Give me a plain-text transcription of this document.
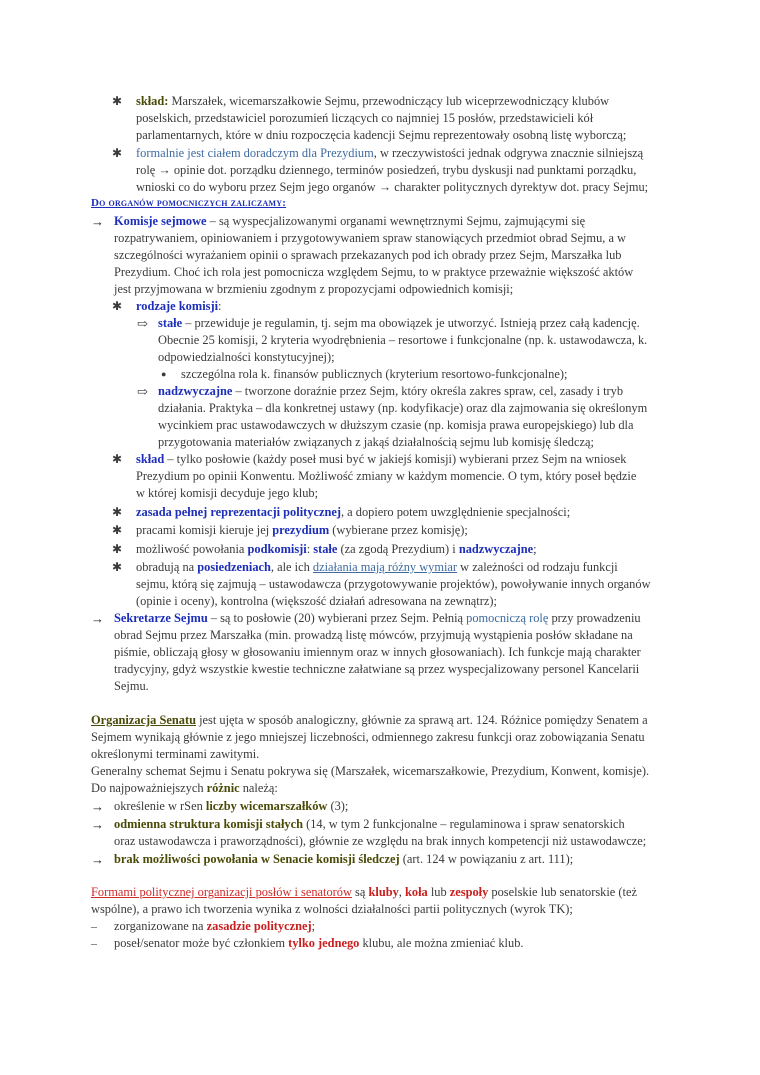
✱ skład: Marszałek, wicemarszałkowie Sejmu, przewodniczący lub wiceprzewodniczący klubów
poselskich, przedstawiciel porozumień liczących co najmniej 15 posłów, przedstawicieli kół
parlamentarnych, które w dniu rozpoczęcia kadencji Sejmu reprezentowały osobną listę wyborczą;
✱ formalnie jest ciałem doradczym dla Prezydium, w rzeczywistości jednak odgrywa znacznie silniejszą
rolę → opinie dot. porządku dziennego, terminów posiedzeń, trybu dyskusji nad punktami porządku,
wnioski co do wyboru przez Sejm jego organów → charakter politycznych dyrektyw dot. pracy Sejmu;
Do organów pomocniczych zaliczamy:
→ Komisje sejmowe – są wyspecjalizowanymi organami wewnętrznymi Sejmu, zajmującymi się
rozpatrywaniem, opiniowaniem i przygotowywaniem spraw stanowiących przedmiot obrad Sejmu, a w
szczególności wyrażaniem opinii o sprawach przekazanych pod ich obrady przez Sejm, Marszałka lub
Prezydium. Choć ich rola jest pomocnicza względem Sejmu, to w praktyce przeważnie większość aktów
jest przyjmowana w brzmieniu zgodnym z propozycjami odpowiednich komisji;
✱ rodzaje komisji:
⇨ stałe – przewiduje je regulamin, tj. sejm ma obowiązek je utworzyć. Istnieją przez całą kadencję.
Obecnie 25 komisji, 2 kryteria wyodrębnienia – resortowe i funkcjonalne (np. k. ustawodawcza, k.
odpowiedzialności konstytucyjnej);
● szczególna rola k. finansów publicznych (kryterium resortowo-funkcjonalne);
⇨ nadzwyczajne – tworzone doraźnie przez Sejm, który określa zakres spraw, cel, zasady i tryb
działania. Praktyka – dla konkretnej ustawy (np. kodyfikacje) oraz dla zajmowania się określonym
wycinkiem prac ustawodawczych w dłuższym czasie (np. komisja prawa europejskiego) lub dla
przygotowania materiałów związanych z jakąś działalnością sejmu lub komisję śledczą;
✱ skład – tylko posłowie (każdy poseł musi być w jakiejś komisji) wybierani przez Sejm na wniosek
Prezydium po opinii Konwentu. Możliwość zmiany w każdym momencie. O tym, który poseł będzie
w której komisji decyduje jego klub;
✱ zasada pełnej reprezentacji politycznej, a dopiero potem uwzględnienie specjalności;
✱ pracami komisji kieruje jej prezydium (wybierane przez komisję);
✱ możliwość powołania podkomisji: stałe (za zgodą Prezydium) i nadzwyczajne;
✱ obradują na posiedzeniach, ale ich działania mają różny wymiar w zależności od rodzaju funkcji
sejmu, którą się zajmują – ustawodawcza (przygotowywanie projektów), powoływanie innych organów
(opinie i oceny), kontrolna (większość działań adresowana na zewnątrz);
→ Sekretarze Sejmu – są to posłowie (20) wybierani przez Sejm. Pełnią pomocniczą rolę przy prowadzeniu
obrad Sejmu przez Marszałka (min. prowadzą listę mówców, przyjmują wystąpienia posłów składane na
piśmie, obliczają głosy w głosowaniu imiennym oraz w innych głosowaniach). Ich funkcje mają charakter
tradycyjny, gdyż wszystkie kwestie techniczne załatwiane są przez wyspecjalizowany personel Kancelarii
Sejmu.
Organizacja Senatu jest ujęta w sposób analogiczny, głównie za sprawą art. 124. Różnice pomiędzy Senatem a
Sejmem wynikają głównie z jego mniejszej liczebności, odmiennego zakresu funkcji oraz zobowiązania Senatu
określonymi terminami zawitymi.
Generalny schemat Sejmu i Senatu pokrywa się (Marszałek, wicemarszałkowie, Prezydium, Konwent, komisje).
Do najpoważniejszych różnic należą:
→ określenie w rSen liczby wicemarszałków (3);
→ odmienna struktura komisji stałych (14, w tym 2 funkcjonalne – regulaminowa i spraw senatorskich
oraz ustawodawcza i praworządności), głównie ze względu na brak innych kompetencji niż ustawodawcze;
→ brak możliwości powołania w Senacie komisji śledczej (art. 124 w powiązaniu z art. 111);
Formami politycznej organizacji posłów i senatorów są kluby, koła lub zespoły poselskie lub senatorskie (też
wspólne), a prawo ich tworzenia wynika z wolności działalności partii politycznych (wyrok TK);
– zorganizowane na zasadzie politycznej;
– poseł/senator może być członkiem tylko jednego klubu, ale można zmieniać klub.
